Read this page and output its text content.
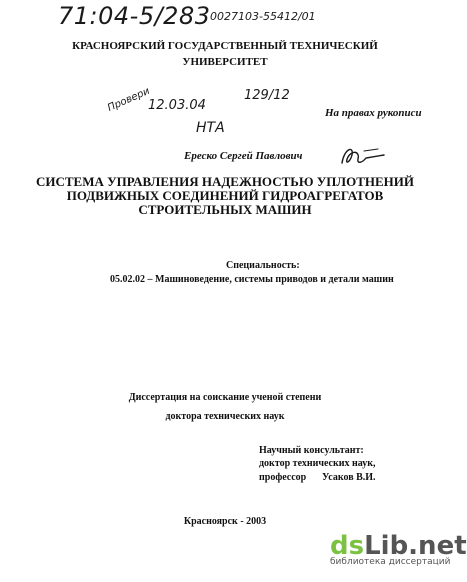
71:04-5/283 0027103-55412/01
КРАСНОЯРСКИЙ ГОСУДАРСТВЕННЫЙ ТЕХНИЧЕСКИЙ
УНИВЕРСИТЕТ
Провери
12.03.04
129/12
НТА
На правах рукописи
Ереско Сергей Павлович
СИСТЕМА УПРАВЛЕНИЯ НАДЕЖНОСТЬЮ УПЛОТНЕНИЙ
ПОДВИЖНЫХ СОЕДИНЕНИЙ ГИДРОАГРЕГАТОВ
СТРОИТЕЛЬНЫХ МАШИН
Специальность:
05.02.02 – Машиноведение, системы приводов и детали машин
Диссертация на соискание ученой степени
доктора технических наук
Научный консультант:
доктор технических наук,
профессор Усаков В.И.
Красноярск - 2003
dsLib.net
библиотека диссертаций
